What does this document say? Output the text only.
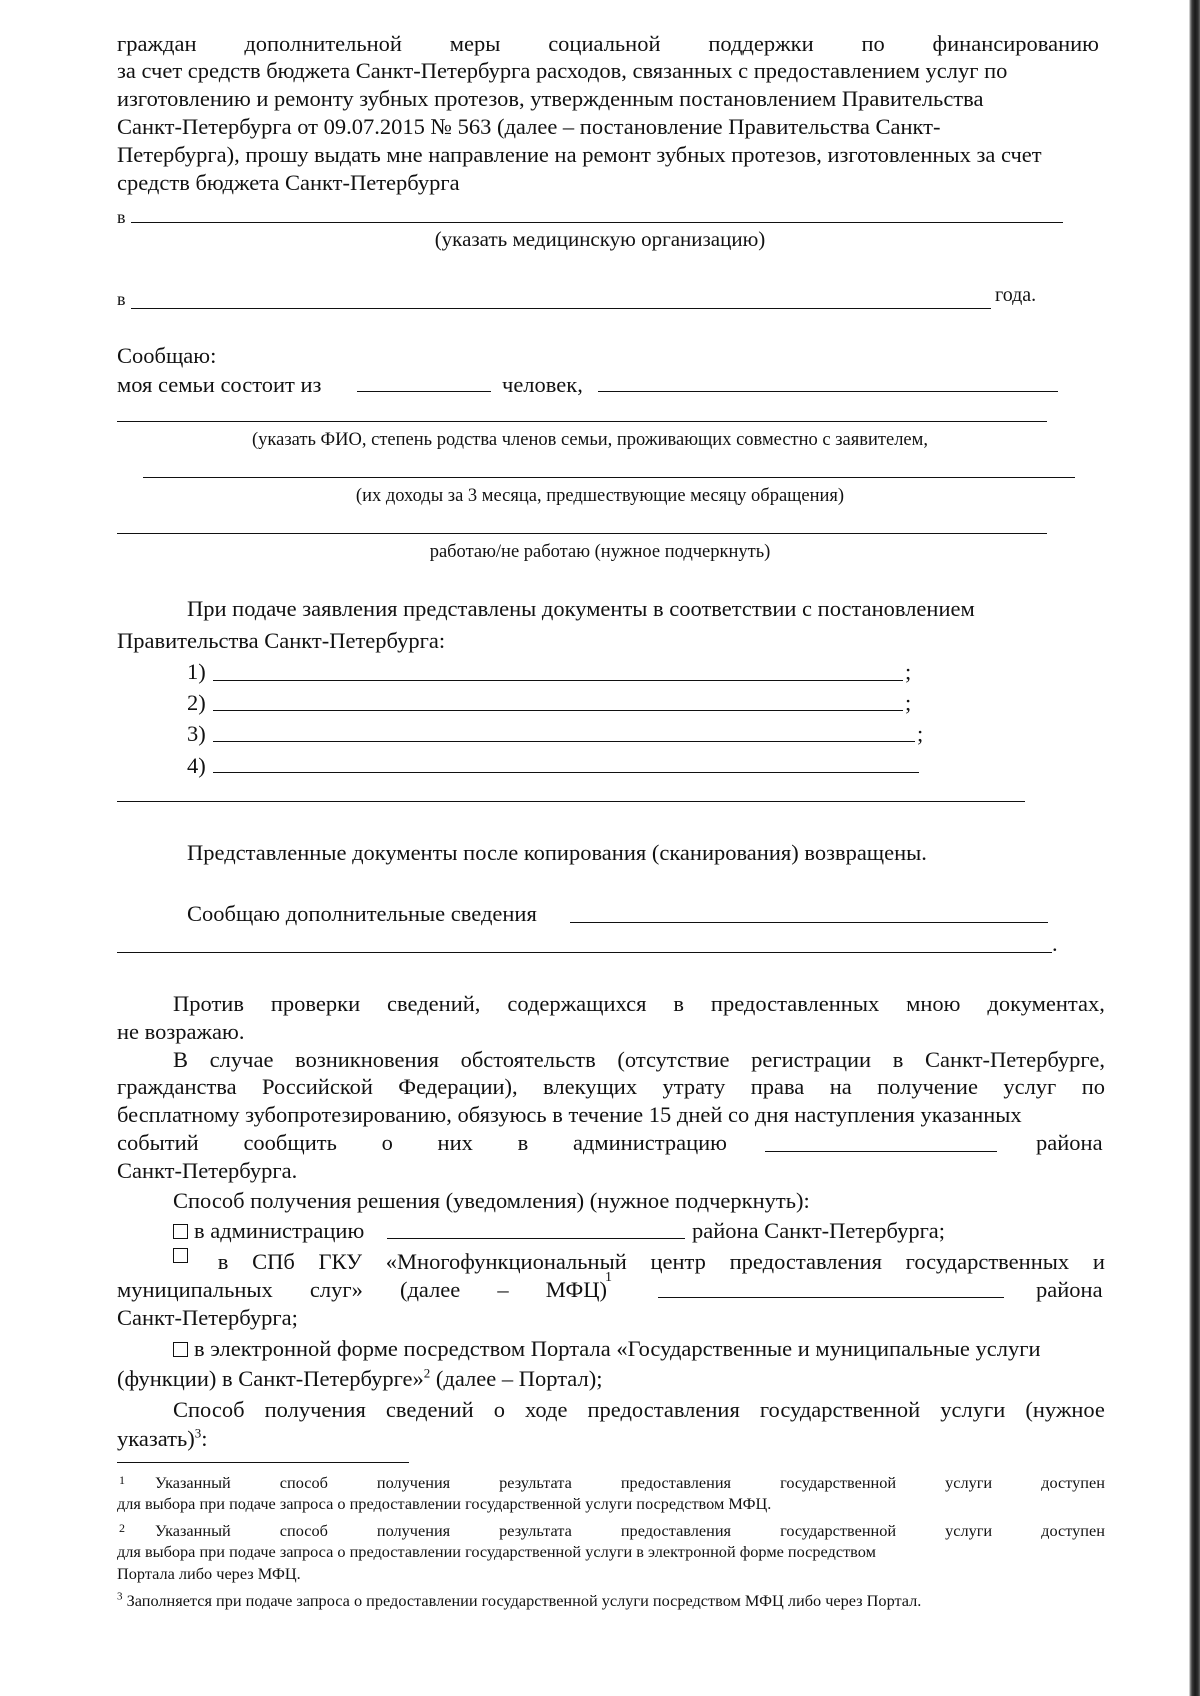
граждан дополнительной меры социальной поддержки по финансированию
за счет средств бюджета Санкт-Петербурга расходов, связанных с предоставлением услуг по
изготовлению и ремонту зубных протезов, утвержденным постановлением Правительства
Санкт-Петербурга от 09.07.2015 № 563 (далее – постановление Правительства Санкт-
Петербурга), прошу выдать мне направление на ремонт зубных протезов, изготовленных за счет
средств бюджета Санкт-Петербурга
в
(указать медицинскую организацию)
в	года.
Сообщаю:
моя семьи состоит из	человек,
(указать ФИО, степень родства членов семьи, проживающих совместно с заявителем,
(их доходы за 3 месяца, предшествующие месяцу обращения)
работаю/не работаю (нужное подчеркнуть)
При подаче заявления представлены документы в соответствии с постановлением
Правительства Санкт-Петербурга:
1)	;
2)	;
3)	;
4)
Представленные документы после копирования (сканирования) возвращены.
Сообщаю дополнительные сведения
.
Против проверки сведений, содержащихся в предоставленных мною документах,
не возражаю.
В случае возникновения обстоятельств (отсутствие регистрации в Санкт-Петербурге,
гражданства Российской Федерации), влекущих утрату права на получение услуг по
бесплатному зубопротезированию, обязуюсь в течение 15 дней со дня наступления указанных
событий сообщить о них в администрацию	района
Санкт-Петербурга.
Способ получения решения (уведомления) (нужное подчеркнуть):
в администрацию	района Санкт-Петербурга;
в СПб ГКУ «Многофункциональный центр предоставления государственных и
муниципальных слуг» (далее – МФЦ)
1	района
Санкт-Петербурга;
в электронной форме посредством Портала «Государственные и муниципальные услуги
(функции) в Санкт-Петербурге»$^2$ (далее – Портал);
Способ получения сведений о ходе предоставления государственной услуги (нужное
указать)$^3$:
1 Указанный	способ	получения	результата	предоставления	государственной	услуги	доступен
для выбора при подаче запроса о предоставлении государственной услуги посредством МФЦ.
2 Указанный	способ	получения	результата	предоставления	государственной	услуги	доступен
для выбора при подаче запроса о предоставлении государственной услуги в электронной форме посредством
Портала либо через МФЦ.
$^3$ Заполняется при подаче запроса о предоставлении государственной услуги посредством МФЦ либо через Портал.
